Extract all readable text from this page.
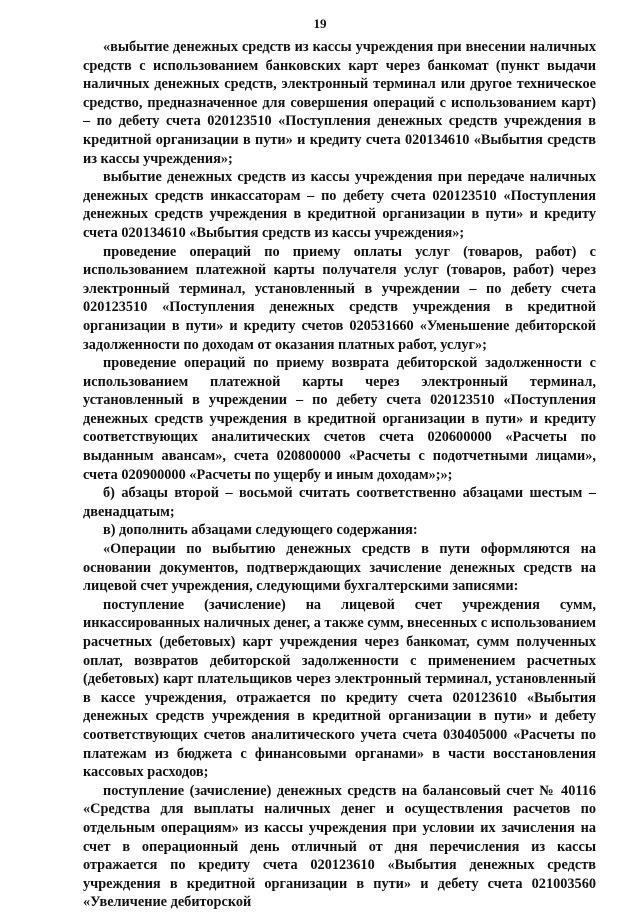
19

«выбытие денежных средств из кассы учреждения при внесении наличных средств с использованием банковских карт через банкомат (пункт выдачи наличных денежных средств, электронный терминал или другое техническое средство, предназначенное для совершения операций с использованием карт) – по дебету счета 020123510 «Поступления денежных средств учреждения в кредитной организации в пути» и кредиту счета 020134610 «Выбытия средств из кассы учреждения»;

выбытие денежных средств из кассы учреждения при передаче наличных денежных средств инкассаторам – по дебету счета 020123510 «Поступления денежных средств учреждения в кредитной организации в пути» и кредиту счета 020134610 «Выбытия средств из кассы учреждения»;

проведение операций по приему оплаты услуг (товаров, работ) с использованием платежной карты получателя услуг (товаров, работ) через электронный терминал, установленный в учреждении – по дебету счета 020123510 «Поступления денежных средств учреждения в кредитной организации в пути» и кредиту счетов 020531660 «Уменьшение дебиторской задолженности по доходам от оказания платных работ, услуг»;

проведение операций по приему возврата дебиторской задолженности с использованием платежной карты через электронный терминал, установленный в учреждении – по дебету счета 020123510 «Поступления денежных средств учреждения в кредитной организации в пути» и кредиту соответствующих аналитических счетов счета 020600000 «Расчеты по выданным авансам», счета 020800000 «Расчеты с подотчетными лицами», счета 020900000 «Расчеты по ущербу и иным доходам»;»;

б) абзацы второй – восьмой считать соответственно абзацами шестым – двенадцатым;

в) дополнить абзацами следующего содержания:

«Операции по выбытию денежных средств в пути оформляются на основании документов, подтверждающих зачисление денежных средств на лицевой счет учреждения, следующими бухгалтерскими записями:

поступление (зачисление) на лицевой счет учреждения сумм, инкассированных наличных денег, а также сумм, внесенных с использованием расчетных (дебетовых) карт учреждения через банкомат, сумм полученных оплат, возвратов дебиторской задолженности с применением расчетных (дебетовых) карт плательщиков через электронный терминал, установленный в кассе учреждения, отражается по кредиту счета 020123610 «Выбытия денежных средств учреждения в кредитной организации в пути» и дебету соответствующих счетов аналитического учета счета 030405000 «Расчеты по платежам из бюджета с финансовыми органами» в части восстановления кассовых расходов;

поступление (зачисление) денежных средств на балансовый счет № 40116 «Средства для выплаты наличных денег и осуществления расчетов по отдельным операциям» из кассы учреждения при условии их зачисления на счет в операционный день отличный от дня перечисления из кассы отражается по кредиту счета 020123610 «Выбытия денежных средств учреждения в кредитной организации в пути» и дебету счета 021003560 «Увеличение дебиторской
